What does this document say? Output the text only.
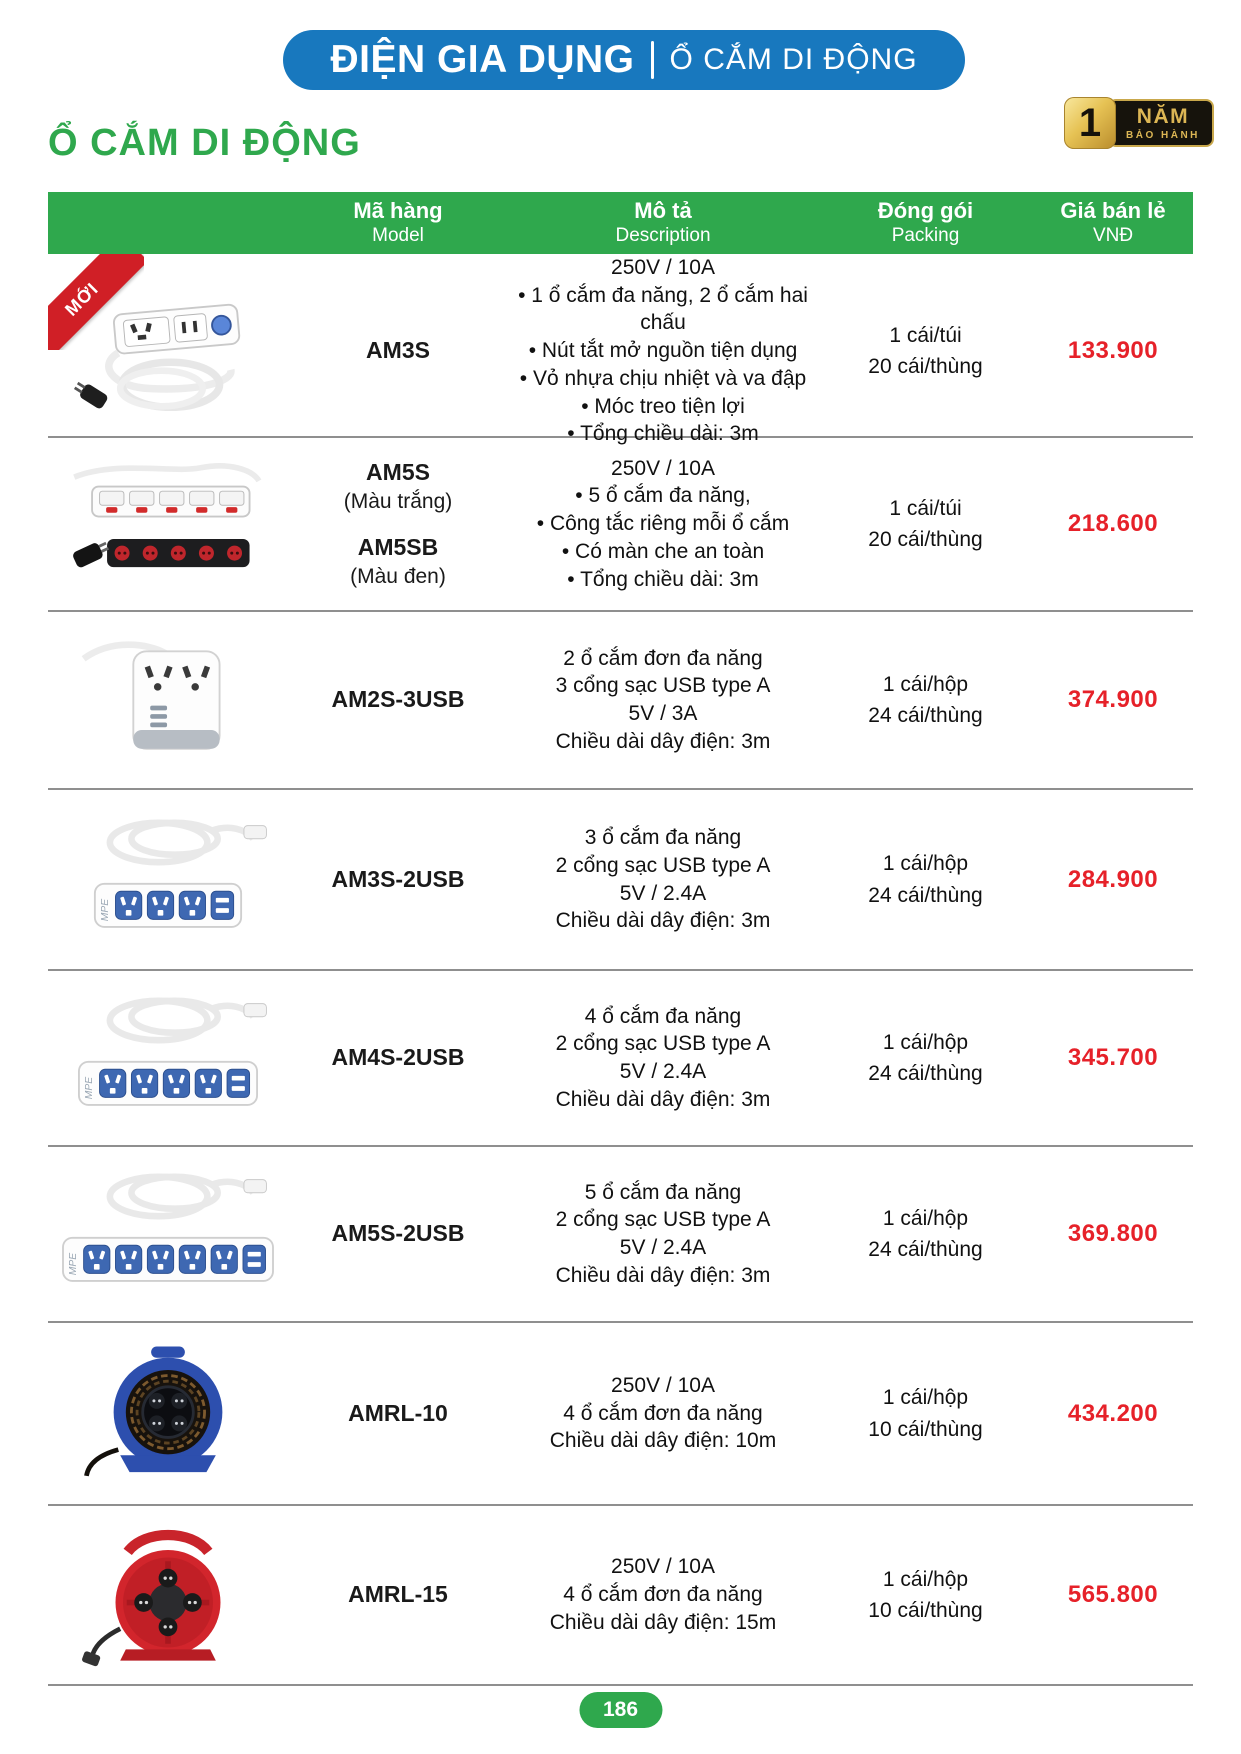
ĐIỆN GIA DỤNG Ổ CẮM DI ĐỘNG
1	NĂM
BẢO HÀNH
Ổ CẮM DI ĐỘNG
Mã hàng
Model
Mô tả
Description
Đóng gói
Packing
Giá bán lẻ
VNĐ
MỚI
AM3S
250V / 10A
• 1 ổ cắm đa năng, 2 ổ cắm hai chấu
• Nút tắt mở nguồn tiện dụng
• Vỏ nhựa chịu nhiệt và va đập
• Móc treo tiện lợi
• Tổng chiều dài: 3m
1 cái/túi
20 cái/thùng
133.900
AM5S
(Màu trắng)
AM5SB
(Màu đen)
250V / 10A
• 5 ổ cắm đa năng,
• Công tắc riêng mỗi ổ cắm
• Có màn che an toàn
• Tổng chiều dài: 3m
1 cái/túi
20 cái/thùng
218.600
AM2S-3USB
2 ổ cắm đơn đa năng
3 cổng sạc USB type A
5V / 3A
Chiều dài dây điện: 3m
1 cái/hộp
24 cái/thùng
374.900
MPE
AM3S-2USB
3 ổ cắm đa năng
2 cổng sạc USB type A
5V / 2.4A
Chiều dài dây điện: 3m
1 cái/hộp
24 cái/thùng
284.900
MPE
AM4S-2USB
4 ổ cắm đa năng
2 cổng sạc USB type A
5V / 2.4A
Chiều dài dây điện: 3m
1 cái/hộp
24 cái/thùng
345.700
MPE
AM5S-2USB
5 ổ cắm đa năng
2 cổng sạc USB type A
5V / 2.4A
Chiều dài dây điện: 3m
1 cái/hộp
24 cái/thùng
369.800
AMRL-10
250V / 10A
4 ổ cắm đơn đa năng
Chiều dài dây điện: 10m
1 cái/hộp
10 cái/thùng
434.200
AMRL-15
250V / 10A
4 ổ cắm đơn đa năng
Chiều dài dây điện: 15m
1 cái/hộp
10 cái/thùng
565.800
186
